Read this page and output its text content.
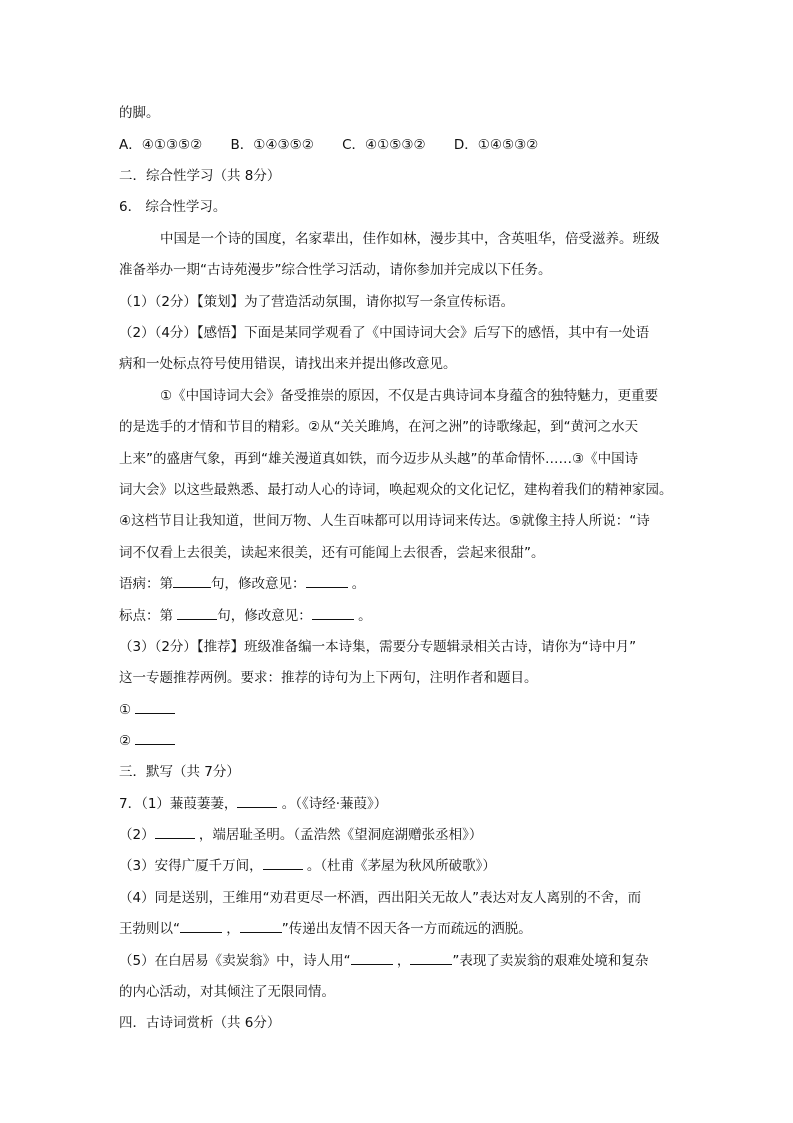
的脚。
A．④①③⑤② B．①④③⑤② C．④①⑤③② D．①④⑤③②
二．综合性学习（共 8分）
6． 综合性学习。
中国是一个诗的国度，名家辈出，佳作如林，漫步其中，含英咀华，倍受滋养。班级
准备举办一期“古诗苑漫步”综合性学习活动，请你参加并完成以下任务。
（1）（2分）【策划】为了营造活动氛围，请你拟写一条宣传标语。
（2）（4分）【感悟】下面是某同学观看了《中国诗词大会》后写下的感悟，其中有一处语
病和一处标点符号使用错误，请找出来并提出修改意见。
①《中国诗词大会》备受推崇的原因，不仅是古典诗词本身蕴含的独特魅力，更重要
的是选手的才情和节目的精彩。②从“关关雎鸠，在河之洲”的诗歌缘起，到“黄河之水天
上来”的盛唐气象，再到“雄关漫道真如铁，而今迈步从头越”的革命情怀……③《中国诗
词大会》以这些最熟悉、最打动人心的诗词，唤起观众的文化记忆，建构着我们的精神家园。
④这档节目让我知道，世间万物、人生百味都可以用诗词来传达。⑤就像主持人所说：“诗
词不仅看上去很美，读起来很美，还有可能闻上去很香，尝起来很甜”。
语病：第	句，修改意见：	。
标点：第	句，修改意见：	。
（3）（2分）【推荐】班级准备编一本诗集，需要分专题辑录相关古诗，请你为“诗中月”
这一专题推荐两例。要求：推荐的诗句为上下两句，注明作者和题目。
①
②
三．默写（共 7分）
7．（1）蒹葭萋萋，	。（《诗经·蒹葭》）
（2）	，端居耻圣明。（孟浩然《望洞庭湖赠张丞相》）
（3）安得广厦千万间，	。（杜甫《茅屋为秋风所破歌》）
（4）同是送别，王维用“劝君更尽一杯酒，西出阳关无故人”表达对友人离别的不舍，而
王勃则以“	，	”传递出友情不因天各一方而疏远的洒脱。
（5）在白居易《卖炭翁》中，诗人用“	，	”表现了卖炭翁的艰难处境和复杂
的内心活动，对其倾注了无限同情。
四．古诗词赏析（共 6分）
